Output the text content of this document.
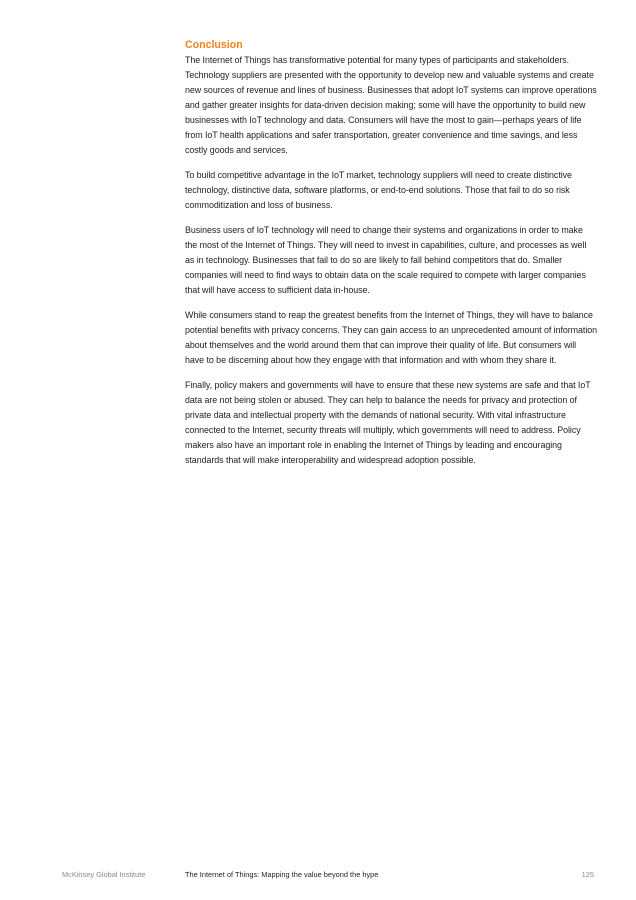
Conclusion

The Internet of Things has transformative potential for many types of participants and stakeholders. Technology suppliers are presented with the opportunity to develop new and valuable systems and create new sources of revenue and lines of business. Businesses that adopt IoT systems can improve operations and gather greater insights for data-driven decision making; some will have the opportunity to build new businesses with IoT technology and data. Consumers will have the most to gain—perhaps years of life from IoT health applications and safer transportation, greater convenience and time savings, and less costly goods and services.

To build competitive advantage in the IoT market, technology suppliers will need to create distinctive technology, distinctive data, software platforms, or end-to-end solutions. Those that fail to do so risk commoditization and loss of business.

Business users of IoT technology will need to change their systems and organizations in order to make the most of the Internet of Things. They will need to invest in capabilities, culture, and processes as well as in technology. Businesses that fail to do so are likely to fall behind competitors that do. Smaller companies will need to find ways to obtain data on the scale required to compete with larger companies that will have access to sufficient data in-house.

While consumers stand to reap the greatest benefits from the Internet of Things, they will have to balance potential benefits with privacy concerns. They can gain access to an unprecedented amount of information about themselves and the world around them that can improve their quality of life. But consumers will have to be discerning about how they engage with that information and with whom they share it.

Finally, policy makers and governments will have to ensure that these new systems are safe and that IoT data are not being stolen or abused. They can help to balance the needs for privacy and protection of private data and intellectual property with the demands of national security. With vital infrastructure connected to the Internet, security threats will multiply, which governments will need to address. Policy makers also have an important role in enabling the Internet of Things by leading and encouraging standards that will make interoperability and widespread adoption possible.

McKinsey Global Institute	The Internet of Things: Mapping the value beyond the hype	125
